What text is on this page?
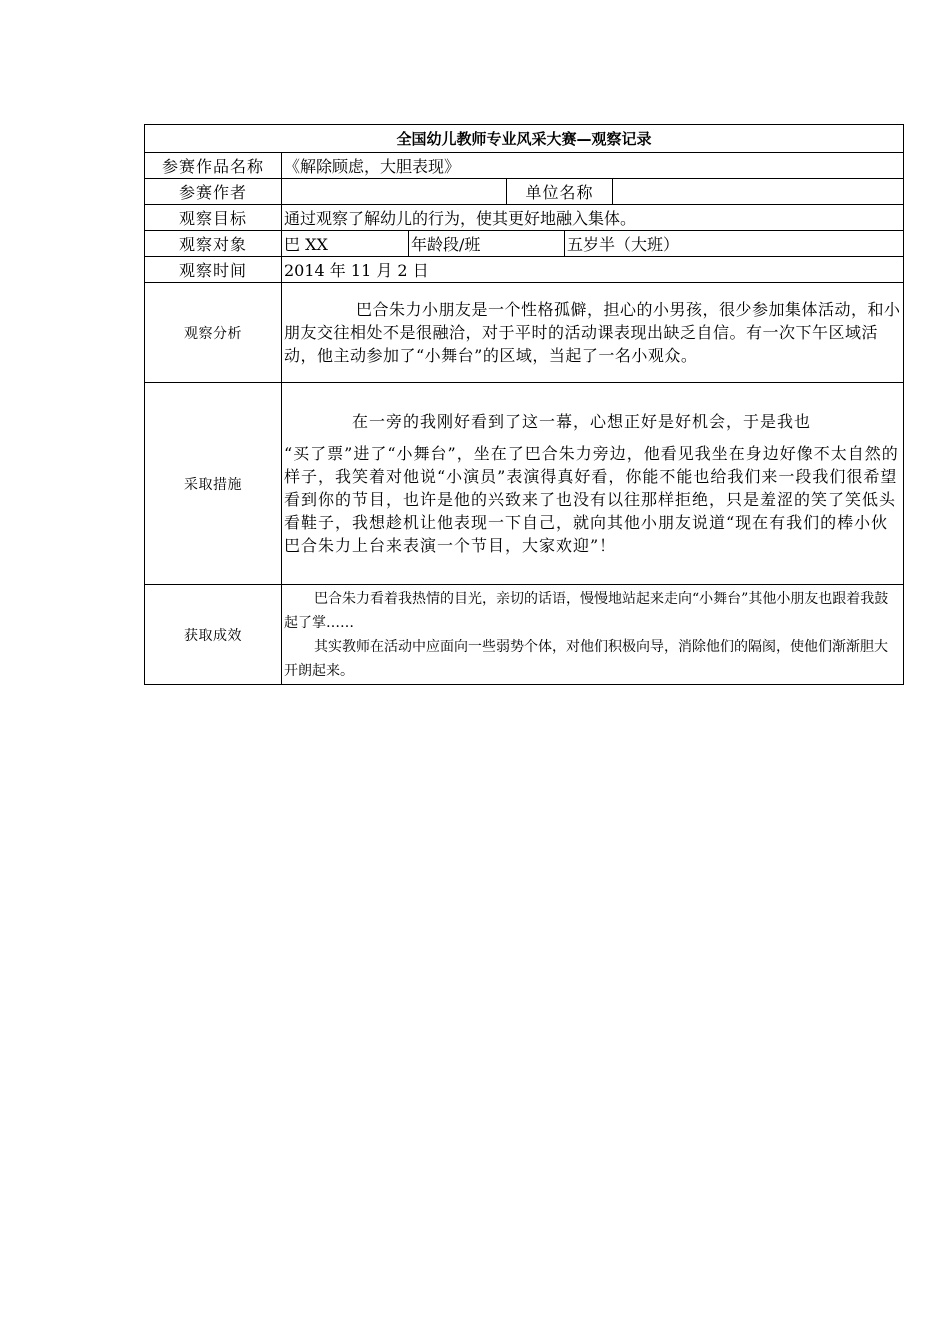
全国幼儿教师专业风采大赛—观察记录					
参赛作品名称	《解除顾虑，大胆表现》				
参赛作者			单位名称		
观察目标	通过观察了解幼儿的行为，使其更好地融入集体。				
观察对象	巴 XX	年龄段/班		五岁半（大班）	
观察时间	2014 年 11 月 2 日				
观察分析	巴合朱力小朋友是一个性格孤僻，担心的小男孩，很少参加集体活动，和小朋友交往相处不是很融洽，对于平时的活动课表现出缺乏自信。有一次下午区域活动，他主动参加了“小舞台”的区域，当起了一名小观众。				

采取措施	在一旁的我刚好看到了这一幕，心想正好是好机会，于是我也
“买了票”进了“小舞台”，坐在了巴合朱力旁边，他看见我坐在身边好像不太自然的样子，我笑着对他说“小演员”表演得真好看，你能不能也给我们来一段我们很希望看到你的节目，也许是他的兴致来了也没有以往那样拒绝，只是羞涩的笑了笑低头看鞋子，我想趁机让他表现一下自己，就向其他小朋友说道“现在有我们的棒小伙巴合朱力上台来表演一个节目，大家欢迎”！				
获取成效	巴合朱力看着我热情的目光，亲切的话语，慢慢地站起来走向“小舞台”其他小朋友也跟着我鼓起了掌……

其实教师在活动中应面向一些弱势个体，对他们积极向导，消除他们的隔阂，使他们渐渐胆大开朗起来。				
